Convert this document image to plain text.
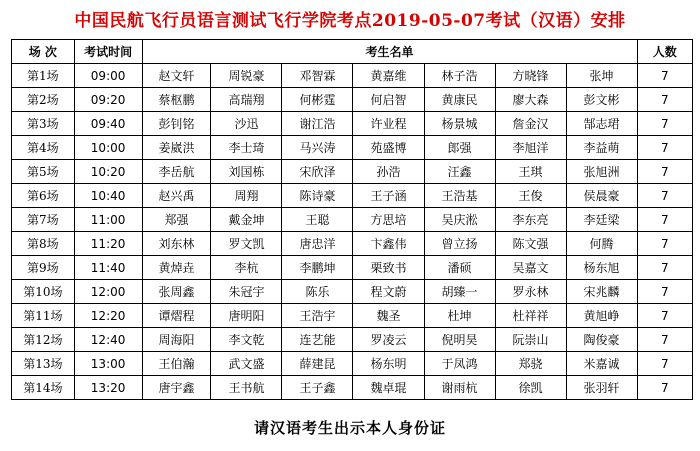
中国民航飞行员语言测试飞行学院考点2019-05-07考试（汉语）安排
场 次	考试时间	考生名单							人数
第1场	09:00	赵文轩	周锐豪	邓智霖	黄嘉维	林子浩	方晓锋	张坤	7
第2场	09:20	蔡枢鹏	高瑞翔	何彬霆	何启智	黄康民	廖大森	彭文彬	7
第3场	09:40	彭钊铭	沙迅	谢江浩	许业程	杨景城	詹金汉	郜志珺	7
第4场	10:00	姜崴洪	李士琦	马兴涛	苑盛博	郎强	李旭洋	李益萌	7
第5场	10:20	李岳航	刘国栋	宋欣泽	孙浩	汪鑫	王琪	张旭洲	7
第6场	10:40	赵兴禹	周翔	陈诗豪	王子涵	王浩基	王俊	侯晨豪	7
第7场	11:00	郑强	戴金坤	王聪	方思培	吴庆淞	李东亮	李廷梁	7
第8场	11:20	刘东林	罗文凯	唐忠洋	卞鑫伟	曾立扬	陈文强	何腾	7
第9场	11:40	黄焯垚	李杭	李鹏坤	栗致书	潘硕	吴嘉文	杨东旭	7
第10场	12:00	张周鑫	朱冠宇	陈乐	程文蔚	胡臻一	罗永林	宋兆麟	7
第11场	12:20	谭熠程	唐明阳	王浩宇	魏圣	杜坤	杜祥祥	黄旭峥	7
第12场	12:40	周海阳	李文乾	连艺能	罗凌云	倪明昊	阮崇山	陶俊豪	7
第13场	13:00	王伯瀚	武文盛	薛建昆	杨东明	于凤鸿	郑骁	米嘉诚	7
第14场	13:20	唐宇鑫	王书航	王子鑫	魏卓琨	谢雨杭	徐凯	张羽轩	7
请汉语考生出示本人身份证
